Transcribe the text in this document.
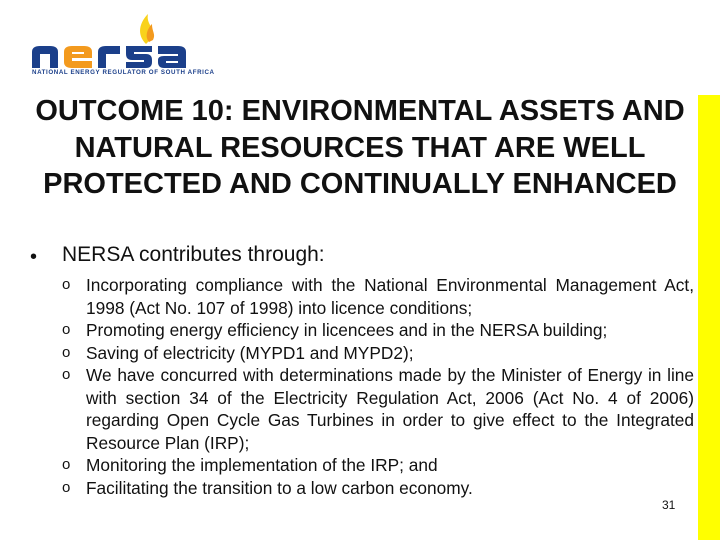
NATIONAL ENERGY REGULATOR OF SOUTH AFRICA
OUTCOME 10: ENVIRONMENTAL ASSETS AND NATURAL RESOURCES THAT ARE WELL PROTECTED AND CONTINUALLY ENHANCED
• NERSA contributes through:
o Incorporating compliance with the National Environmental Management Act, 1998 (Act No. 107 of 1998) into licence conditions;
o Promoting energy efficiency in licencees and in the NERSA building;
o Saving of electricity (MYPD1 and MYPD2);
o We have concurred with determinations made by the Minister of Energy in line with section 34 of the Electricity Regulation Act, 2006 (Act No. 4 of 2006) regarding Open Cycle Gas Turbines in order to give effect to the Integrated Resource Plan (IRP);
o Monitoring the implementation of the IRP; and
o Facilitating the transition to a low carbon economy.
31
